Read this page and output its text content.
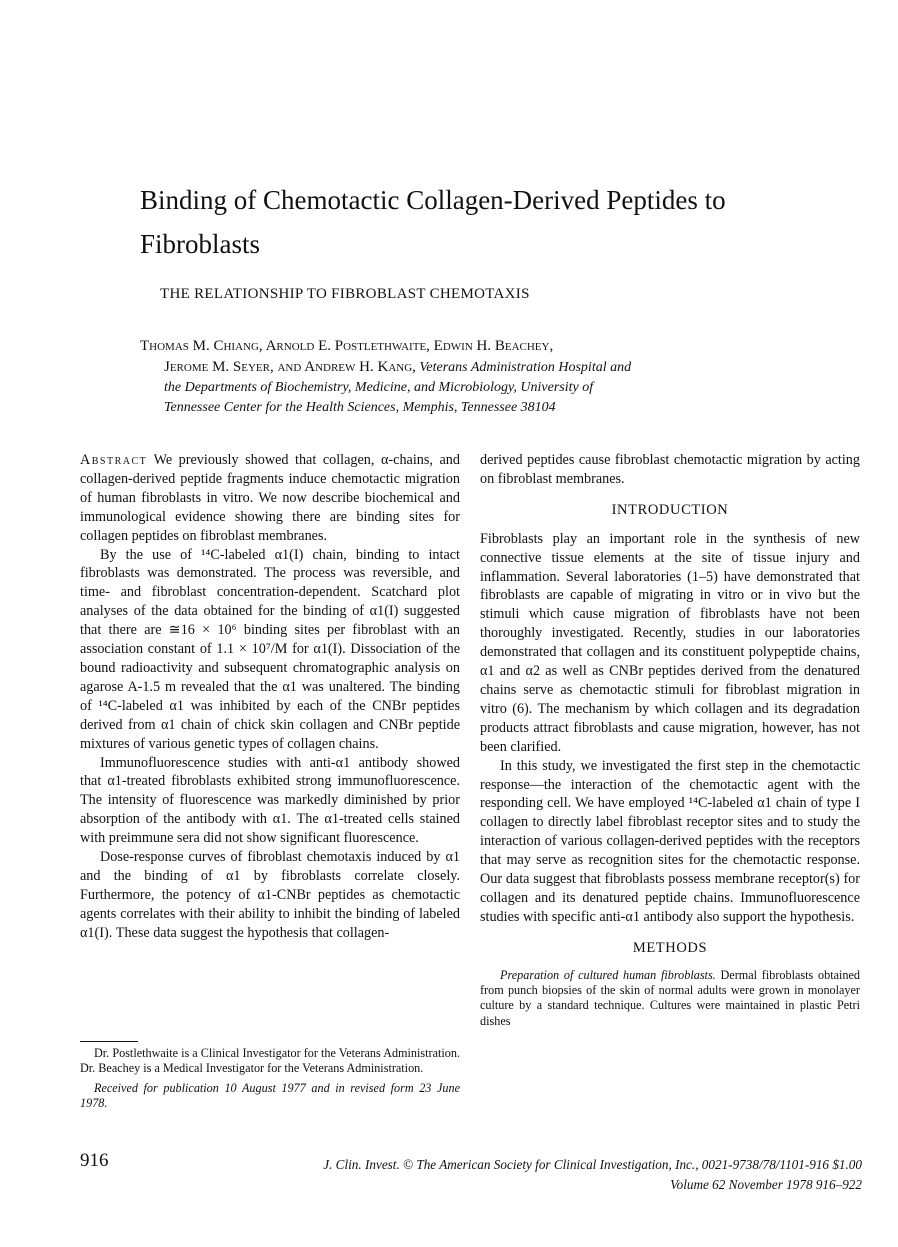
Binding of Chemotactic Collagen-Derived Peptides to Fibroblasts
THE RELATIONSHIP TO FIBROBLAST CHEMOTAXIS
Thomas M. Chiang, Arnold E. Postlethwaite, Edwin H. Beachey,
Jerome M. Seyer, and Andrew H. Kang, Veterans Administration Hospital and
the Departments of Biochemistry, Medicine, and Microbiology, University of
Tennessee Center for the Health Sciences, Memphis, Tennessee 38104

Abstract We previously showed that collagen, α-chains, and collagen-derived peptide fragments induce chemotactic migration of human fibroblasts in vitro. We now describe biochemical and immunological evidence showing there are binding sites for collagen peptides on fibroblast membranes.

By the use of ¹⁴C-labeled α1(I) chain, binding to intact fibroblasts was demonstrated. The process was reversible, and time- and fibroblast concentration-dependent. Scatchard plot analyses of the data obtained for the binding of α1(I) suggested that there are ≅16 × 10⁶ binding sites per fibroblast with an association constant of 1.1 × 10⁷/M for α1(I). Dissociation of the bound radioactivity and subsequent chromatographic analysis on agarose A-1.5 m revealed that the α1 was unaltered. The binding of ¹⁴C-labeled α1 was inhibited by each of the CNBr peptides derived from α1 chain of chick skin collagen and CNBr peptide mixtures of various genetic types of collagen chains.

Immunofluorescence studies with anti-α1 antibody showed that α1-treated fibroblasts exhibited strong immunofluorescence. The intensity of fluorescence was markedly diminished by prior absorption of the antibody with α1. The α1-treated cells stained with preimmune sera did not show significant fluorescence.

Dose-response curves of fibroblast chemotaxis induced by α1 and the binding of α1 by fibroblasts correlate closely. Furthermore, the potency of α1-CNBr peptides as chemotactic agents correlates with their ability to inhibit the binding of labeled α1(I). These data suggest the hypothesis that collagen-

derived peptides cause fibroblast chemotactic migration by acting on fibroblast membranes.

INTRODUCTION

Fibroblasts play an important role in the synthesis of new connective tissue elements at the site of tissue injury and inflammation. Several laboratories (1–5) have demonstrated that fibroblasts are capable of migrating in vitro or in vivo but the stimuli which cause migration of fibroblasts have not been thoroughly investigated. Recently, studies in our laboratories demonstrated that collagen and its constituent polypeptide chains, α1 and α2 as well as CNBr peptides derived from the denatured chains serve as chemotactic stimuli for fibroblast migration in vitro (6). The mechanism by which collagen and its degradation products attract fibroblasts and cause migration, however, has not been clarified.

In this study, we investigated the first step in the chemotactic response—the interaction of the chemotactic agent with the responding cell. We have employed ¹⁴C-labeled α1 chain of type I collagen to directly label fibroblast receptor sites and to study the interaction of various collagen-derived peptides with the receptors that may serve as recognition sites for the chemotactic response. Our data suggest that fibroblasts possess membrane receptor(s) for collagen and its denatured peptide chains. Immunofluorescence studies with specific anti-α1 antibody also support the hypothesis.

METHODS

Preparation of cultured human fibroblasts. Dermal fibroblasts obtained from punch biopsies of the skin of normal adults were grown in monolayer culture by a standard technique. Cultures were maintained in plastic Petri dishes

Dr. Postlethwaite is a Clinical Investigator for the Veterans Administration. Dr. Beachey is a Medical Investigator for the Veterans Administration.

Received for publication 10 August 1977 and in revised form 23 June 1978.

916	J. Clin. Invest. © The American Society for Clinical Investigation, Inc., 0021-9738/78/1101-916 $1.00
Volume 62 November 1978 916–922
